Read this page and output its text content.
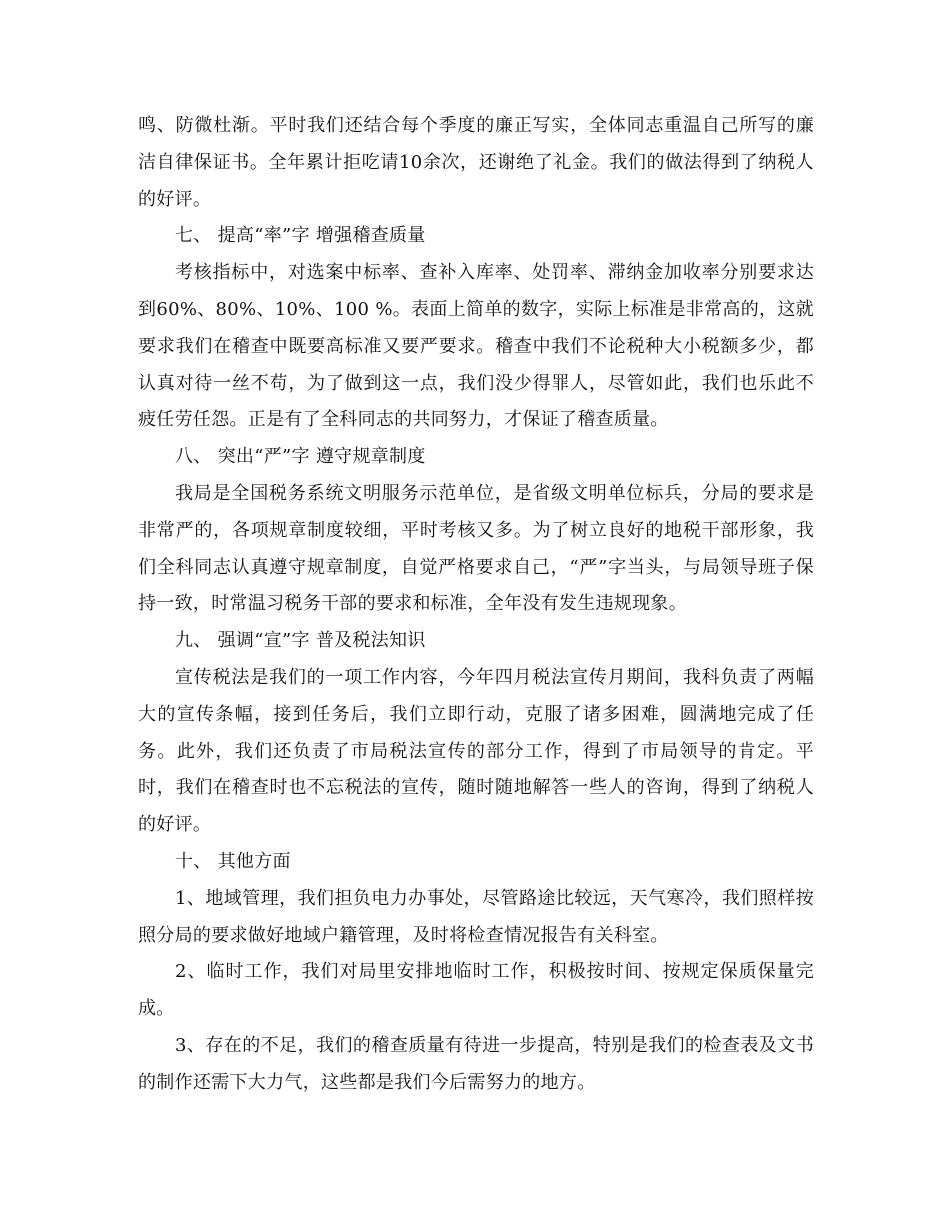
鸣、防微杜渐。平时我们还结合每个季度的廉正写实，全体同志重温自己所写的廉洁自律保证书。全年累计拒吃请10余次，还谢绝了礼金。我们的做法得到了纳税人的好评。

七、 提高“率”字 增强稽查质量

考核指标中，对选案中标率、查补入库率、处罚率、滞纳金加收率分别要求达到60%、80%、10%、100 %。表面上简单的数字，实际上标准是非常高的，这就要求我们在稽查中既要高标准又要严要求。稽查中我们不论税种大小税额多少，都认真对待一丝不苟，为了做到这一点，我们没少得罪人，尽管如此，我们也乐此不疲任劳任怨。正是有了全科同志的共同努力，才保证了稽查质量。

八、 突出“严”字 遵守规章制度

我局是全国税务系统文明服务示范单位，是省级文明单位标兵，分局的要求是非常严的，各项规章制度较细，平时考核又多。为了树立良好的地税干部形象，我们全科同志认真遵守规章制度，自觉严格要求自己，“严”字当头，与局领导班子保持一致，时常温习税务干部的要求和标准，全年没有发生违规现象。

九、 强调“宣”字 普及税法知识

宣传税法是我们的一项工作内容，今年四月税法宣传月期间，我科负责了两幅大的宣传条幅，接到任务后，我们立即行动，克服了诸多困难，圆满地完成了任务。此外，我们还负责了市局税法宣传的部分工作，得到了市局领导的肯定。平时，我们在稽查时也不忘税法的宣传，随时随地解答一些人的咨询，得到了纳税人的好评。

十、 其他方面

1、地域管理，我们担负电力办事处，尽管路途比较远，天气寒冷，我们照样按照分局的要求做好地域户籍管理，及时将检查情况报告有关科室。

2、临时工作，我们对局里安排地临时工作，积极按时间、按规定保质保量完成。

3、存在的不足，我们的稽查质量有待进一步提高，特别是我们的检查表及文书的制作还需下大力气，这些都是我们今后需努力的地方。
